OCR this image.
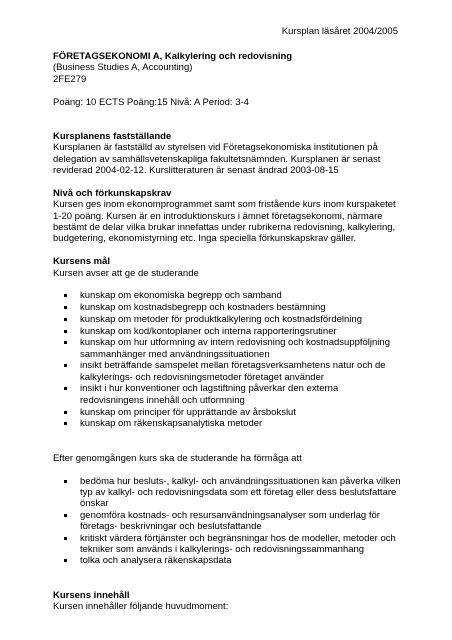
Kursplan läsåret 2004/2005
FÖRETAGSEKONOMI A, Kalkylering och redovisning
(Business Studies A, Accounting)
2FE279
Poäng: 10 ECTS Poäng:15 Nivå: A Period: 3-4
Kursplanens fastställande

Kursplanen är fastställd av styrelsen vid Företagsekonomiska institutionen på delegation av samhällsvetenskapliga fakultetsnämnden. Kursplanen är senast reviderad 2004-02-12. Kurslitteraturen är senast ändrad 2003-08-15

Nivå och förkunskapskrav

Kursen ges inom ekonomprogrammet samt som fristående kurs inom kurspaketet 1-20 poäng. Kursen är en introduktionskurs i ämnet företagsekonomi, närmare bestämt de delar vilka brukar innefattas under rubrikerna redovisning, kalkylering, budgetering, ekonomistyrning etc. Inga speciella förkunskapskrav gäller.

Kursens mål

Kursen avser att ge de studerande

kunskap om ekonomiska begrepp och samband
kunskap om kostnadsbegrepp och kostnaders bestämning
kunskap om metoder för produktkalkylering och kostnadsfördelning
kunskap om kod/kontoplaner och interna rapporteringsrutiner
kunskap om hur utformning av intern redovisning och kostnadsuppföljning sammanhänger med användningssituationen
insikt beträffande samspelet mellan företagsverksamhetens natur och de kalkylerings- och redovisningsmetoder företaget använder
insikt i hur konventioner och lagstiftning påverkar den externa redovisningens innehåll och utformning
kunskap om principer för upprättande av årsbokslut
kunskap om räkenskapsanalytiska metoder

Efter genomgången kurs ska de studerande ha förmåga att

bedöma hur besluts-, kalkyl- och användningssituationen kan påverka vilken typ av kalkyl- och redovisningsdata som ett företag eller dess beslutsfattare önskar
genomföra kostnads- och resursanvändningsanalyser som underlag för företags- beskrivningar och beslutsfattande
kritiskt värdera förtjänster och begränsningar hos de modeller, metoder och tekniker som används i kalkylerings- och redovisningssammanhang
tolka och analysera räkenskapsdata
Kursens innehåll

Kursen innehåller följande huvudmoment:
